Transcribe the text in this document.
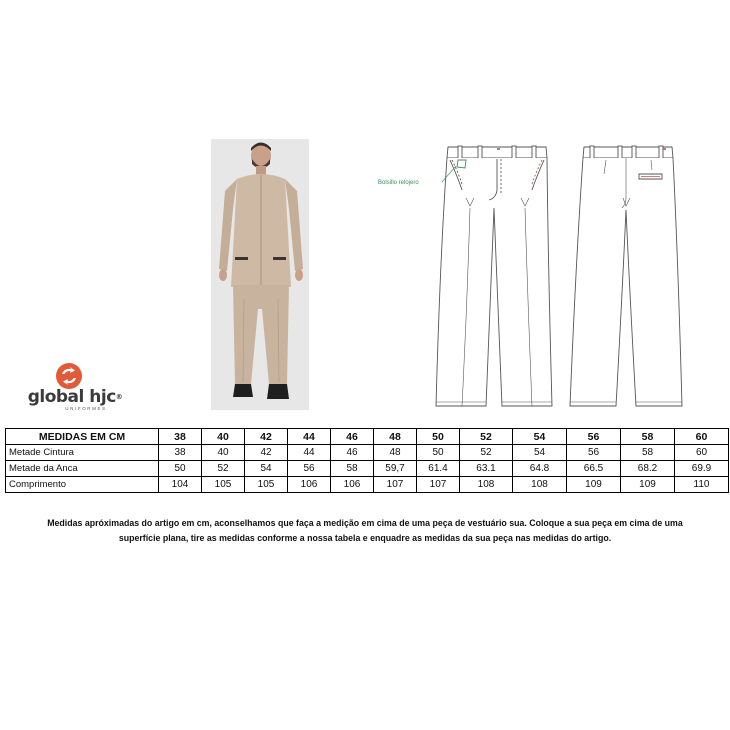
global hjc®
UNIFORMES
Bolsillo relojero
MEDIDAS EM CM	38	40	42	44	46	48	50	52	54	56	58	60
Metade Cintura	38	40	42	44	46	48	50	52	54	56	58	60
Metade da Anca	50	52	54	56	58	59,7	61.4	63.1	64.8	66.5	68.2	69.9
Comprimento	104	105	105	106	106	107	107	108	108	109	109	110
Medidas apróximadas do artigo em cm, aconselhamos que faça a medição em cima de uma peça de vestuário sua. Coloque a sua peça em cima de uma
superfície plana, tire as medidas conforme a nossa tabela e enquadre as medidas da sua peça nas medidas do artigo.
